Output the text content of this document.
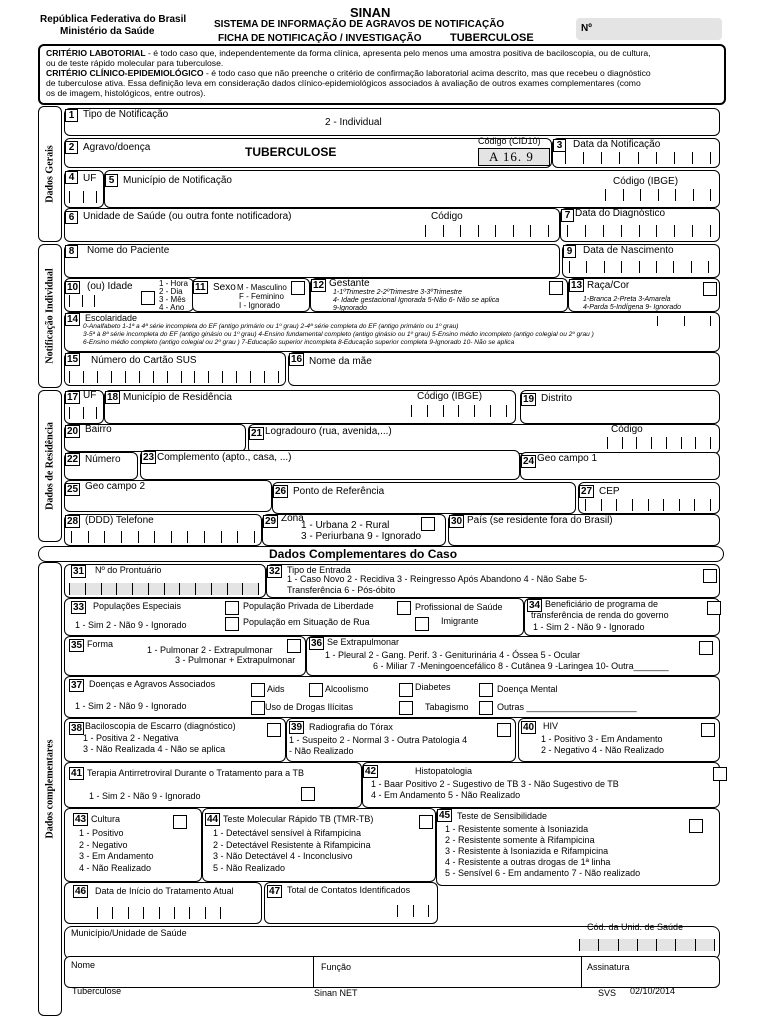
República Federativa do Brasil
Ministério da Saúde
SINAN
SISTEMA DE INFORMAÇÃO DE AGRAVOS DE NOTIFICAÇÃO
FICHA DE NOTIFICAÇÃO / INVESTIGAÇÃO	TUBERCULOSE
Nº
CRITÉRIO LABOTORIAL - é todo caso que, independentemente da forma clínica, apresenta pelo menos uma amostra positiva de baciloscopia, ou de cultura,
ou de teste rápido molecular para tuberculose.
CRITÉRIO CLÍNICO-EPIDEMIOLÓGICO - é todo caso que não preenche o critério de confirmação laboratorial acima descrito, mas que recebeu o diagnóstico
de tuberculose ativa. Essa definição leva em consideração dados clínico-epidemiológicos associados à avaliação de outros exames complementares (como
os de imagem, histológicos, entre outros).
Dados Gerais
Notificação Individual
Dados de Residência
Dados complementares
1 Tipo de Notificação
2 - Individual
2 Agravo/doença	TUBERCULOSE
Código (CID10)
A 16. 9
3	Data da Notificação
4 UF	5 Município de Notificação	Código (IBGE)
6 Unidade de Saúde (ou outra fonte notificadora)	Código	7 Data do Diagnóstico
8	Nome do Paciente	9	Data de Nascimento
10 (ou) Idade	1 - Hora
2 - Dia
3 - Mês
4 - Ano
11 Sexo M - Masculino
F - Feminino
I - Ignorado
12 Gestante
1-1ºTrimestre 2-2ºTrimestre 3-3ºTrimestre
4- Idade gestacional Ignorada 5-Não 6- Não se aplica
9-Ignorado
13 Raça/Cor
1-Branca 2-Preta 3-Amarela
4-Parda 5-Indígena 9- Ignorado
14 Escolaridade
0-Analfabeto 1-1ª a 4ª série incompleta do EF (antigo primário ou 1º grau) 2-4ª série completa do EF (antigo primário ou 1º grau)
3-5ª à 8ª série incompleta do EF (antigo ginásio ou 1º grau) 4-Ensino fundamental completo (antigo ginásio ou 1º grau) 5-Ensino médio incompleto (antigo colegial ou 2º grau )
6-Ensino médio completo (antigo colegial ou 2º grau ) 7-Educação superior incompleta 8-Educação superior completa 9-Ignorado 10- Não se aplica
15 Número do Cartão SUS	16 Nome da mãe
17 UF 18 Município de Residência	Código (IBGE)	19 Distrito
20 Bairro	21 Logradouro (rua, avenida,...)	Código
22 Número 23 Complemento (apto., casa, ...)	24 Geo campo 1
25 Geo campo 2	26 Ponto de Referência	27 CEP
28 (DDD) Telefone	29 Zona
1 - Urbana 2 - Rural
3 - Periurbana 9 - Ignorado
30 País (se residente fora do Brasil)
Dados Complementares do Caso
31 Nº do Prontuário	32 Tipo de Entrada
1 - Caso Novo 2 - Recidiva 3 - Reingresso Após Abandono 4 - Não Sabe 5-
Transferência 6 - Pós-óbito
33 Populações Especiais
1 - Sim 2 - Não 9 - Ignorado
População Privada de Liberdade	Profissional de Saúde
População em Situação de Rua	Imigrante
34 Beneficiário de programa de
transferência de renda do governo
1 - Sim 2 - Não 9 - Ignorado
35 Forma
1 - Pulmonar 2 - Extrapulmonar
3 - Pulmonar + Extrapulmonar
36 Se Extrapulmonar
1 - Pleural 2 - Gang. Perif. 3 - Geniturinária 4 - Óssea 5 - Ocular
6 - Miliar 7 -Meningoencefálico 8 - Cutânea 9 -Laringea 10- Outra_______
37 Doenças e Agravos Associados
1 - Sim 2 - Não 9 - Ignorado
Aids	Alcoolismo	Diabetes	Doença Mental
Uso de Drogas Ilícitas	Tabagismo	Outras ______________________
38 Baciloscopia de Escarro (diagnóstico)
1 - Positiva 2 - Negativa
3 - Não Realizada 4 - Não se aplica
39 Radiografia do Tórax
1 - Suspeito 2 - Normal 3 - Outra Patologia 4
- Não Realizado
40 HIV
1 - Positivo 3 - Em Andamento
2 - Negativo 4 - Não Realizado
41 Terapia Antirretroviral Durante o Tratamento para a TB
1 - Sim 2 - Não 9 - Ignorado
42	Histopatologia
1 - Baar Positivo 2 - Sugestivo de TB 3 - Não Sugestivo de TB
4 - Em Andamento 5 - Não Realizado
43 Cultura
1 - Positivo
2 - Negativo
3 - Em Andamento
4 - Não Realizado
44 Teste Molecular Rápido TB (TMR-TB)
1 - Detectável sensível à Rifampicina
2 - Detectável Resistente à Rifampicina
3 - Não Detectável 4 - Inconclusivo
5 - Não Realizado
45 Teste de Sensibilidade
1 - Resistente somente à Isoniazida
2 - Resistente somente à Rifampicina
3 - Resistente à Isoniazida e Rifampicina
4 - Resistente a outras drogas de 1ª linha
5 - Sensível 6 - Em andamento 7 - Não realizado
46 Data de Início do Tratamento Atual	47 Total de Contatos Identificados
Município/Unidade de Saúde
Cód. da Unid. de Saúde
Nome	Função	Assinatura
Tuberculose	Sinan NET	SVS 02/10/2014
